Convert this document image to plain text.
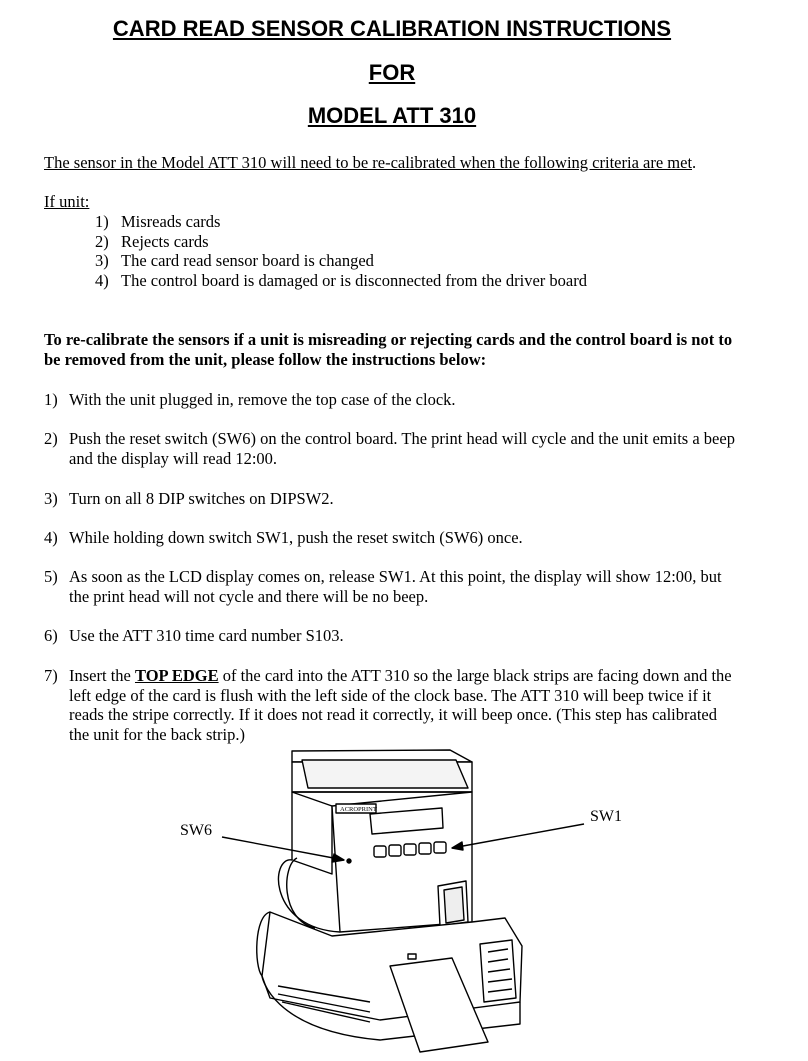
CARD READ SENSOR CALIBRATION INSTRUCTIONS
FOR
MODEL ATT 310
The sensor in the Model ATT 310 will need to be re-calibrated when the following criteria are met.
If unit:
1) Misreads cards
2) Rejects cards
3) The card read sensor board is changed
4) The control board is damaged or is disconnected from the driver board
To re-calibrate the sensors if a unit is misreading or rejecting cards and the control board is not to
be removed from the unit, please follow the instructions below:
1) With the unit plugged in, remove the top case of the clock.
2) Push the reset switch (SW6) on the control board. The print head will cycle and the unit emits a beep
and the display will read 12:00.
3) Turn on all 8 DIP switches on DIPSW2.
4) While holding down switch SW1, push the reset switch (SW6) once.
5) As soon as the LCD display comes on, release SW1. At this point, the display will show 12:00, but
the print head will not cycle and there will be no beep.
6) Use the ATT 310 time card number S103.
7) Insert the TOP EDGE of the card into the ATT 310 so the large black strips are facing down and the
left edge of the card is flush with the left side of the clock base. The ATT 310 will beep twice if it
reads the stripe correctly. If it does not read it correctly, it will beep once. (This step has calibrated
the unit for the back strip.)
ACROPRINT
SW6
SW1
